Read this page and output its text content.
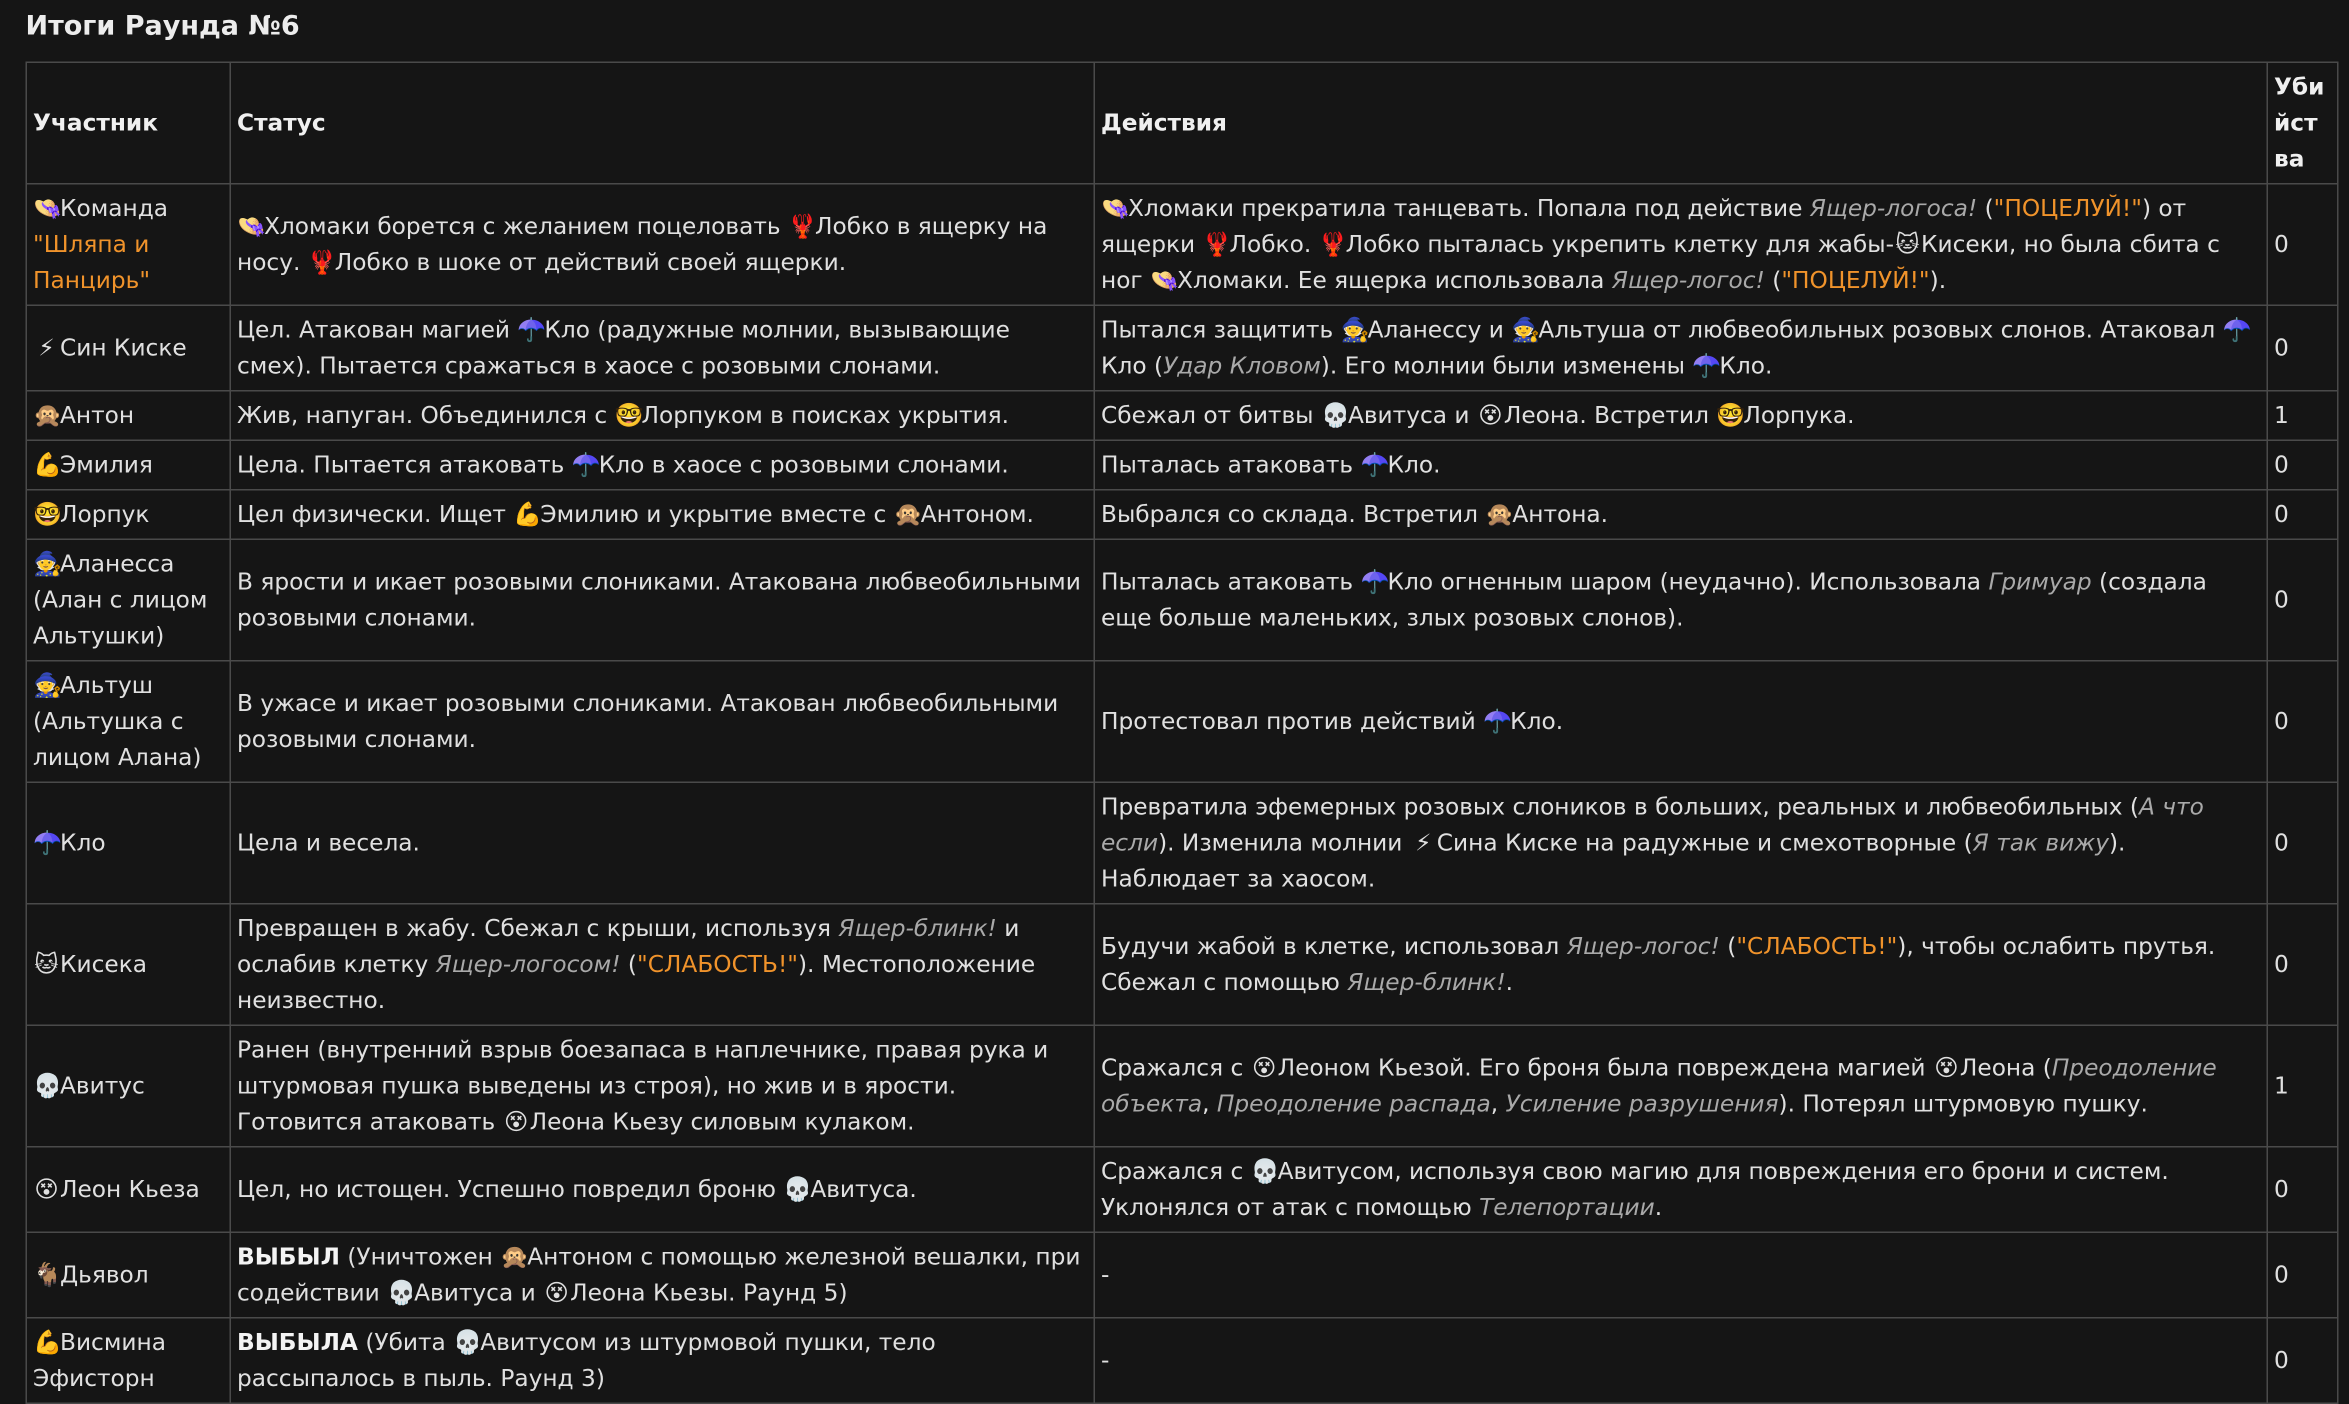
Итоги Раунда №6
Участник	Статус	Действия	Убийства

👒Команда "Шляпа и Панцирь"	👒Хломаки борется с желанием поцеловать 🦞Лобко в ящерку на носу. 🦞Лобко в шоке от действий своей ящерки.	👒Хломаки прекратила танцевать. Попала под действие Ящер-логоса! ("ПОЦЕЛУЙ!") от ящерки 🦞Лобко. 🦞Лобко пыталась укрепить клетку для жабы-🐱Кисеки, но была сбита с ног 👒Хломаки. Ее ящерка использовала Ящер-логос! ("ПОЦЕЛУЙ!").	0
⚡ Син Киске	Цел. Атакован магией ☂️Кло (радужные молнии, вызывающие смех). Пытается сражаться в хаосе с розовыми слонами.	Пытался защитить 🧙Аланессу и 🧙Альтуша от любвеобильных розовых слонов. Атаковал ☂️Кло (Удар Кловом). Его молнии были изменены ☂️Кло.	0
🙊Антон	Жив, напуган. Объединился с 🤓Лорпуком в поисках укрытия.	Сбежал от битвы 💀Авитуса и 😵Леона. Встретил 🤓Лорпука.	1
💪Эмилия	Цела. Пытается атаковать ☂️Кло в хаосе с розовыми слонами.	Пыталась атаковать ☂️Кло.	0
🤓Лорпук	Цел физически. Ищет 💪Эмилию и укрытие вместе с 🙊Антоном.	Выбрался со склада. Встретил 🙊Антона.	0
🧙Аланесса (Алан с лицом Альтушки)	В ярости и икает розовыми слониками. Атакована любвеобильными розовыми слонами.	Пыталась атаковать ☂️Кло огненным шаром (неудачно). Использовала Гримуар (создала еще больше маленьких, злых розовых слонов).	0
🧙Альтуш (Альтушка с лицом Алана)	В ужасе и икает розовыми слониками. Атакован любвеобильными розовыми слонами.	Протестовал против действий ☂️Кло.	0
☂️Кло	Цела и весела.	Превратила эфемерных розовых слоников в больших, реальных и любвеобильных (А что если). Изменила молнии ⚡ Сина Киске на радужные и смехотворные (Я так вижу). Наблюдает за хаосом.	0
🐱Кисека	Превращен в жабу. Сбежал с крыши, используя Ящер-блинк! и ослабив клетку Ящер-логосом! ("СЛАБОСТЬ!"). Местоположение неизвестно.	Будучи жабой в клетке, использовал Ящер-логос! ("СЛАБОСТЬ!"), чтобы ослабить прутья. Сбежал с помощью Ящер-блинк!.	0
💀Авитус	Ранен (внутренний взрыв боезапаса в наплечнике, правая рука и штурмовая пушка выведены из строя), но жив и в ярости. Готовится атаковать 😵Леона Кьезу силовым кулаком.	Сражался с 😵Леоном Кьезой. Его броня была повреждена магией 😵Леона (Преодоление объекта, Преодоление распада, Усиление разрушения). Потерял штурмовую пушку.	1
😵Леон Кьеза	Цел, но истощен. Успешно повредил броню 💀Авитуса.	Сражался с 💀Авитусом, используя свою магию для повреждения его брони и систем. Уклонялся от атак с помощью Телепортации.	0
🐐Дьявол	ВЫБЫЛ (Уничтожен 🙊Антоном с помощью железной вешалки, при содействии 💀Авитуса и 😵Леона Кьезы. Раунд 5)	-	0
💪Висмина Эфисторн	ВЫБЫЛА (Убита 💀Авитусом из штурмовой пушки, тело рассыпалось в пыль. Раунд 3)	-	0
